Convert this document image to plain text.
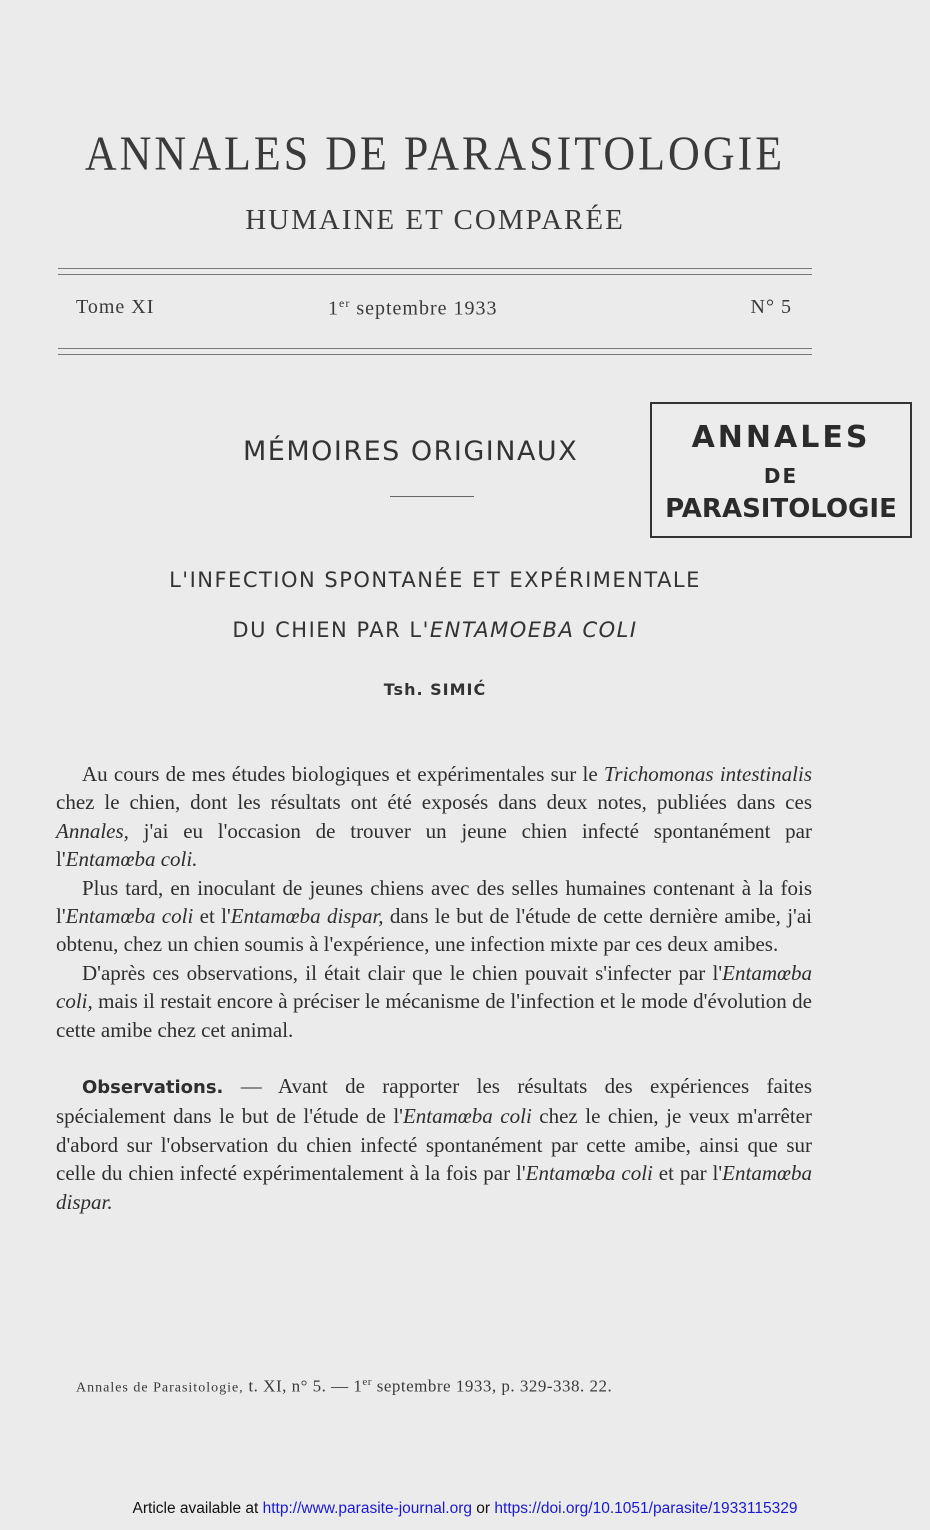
ANNALES DE PARASITOLOGIE
HUMAINE ET COMPARÉE
Tome XI	1er septembre 1933	N° 5
MÉMOIRES ORIGINAUX	ANNALES
DE
PARASITOLOGIE
L'INFECTION SPONTANÉE ET EXPÉRIMENTALE
DU CHIEN PAR L'ENTAMOEBA COLI
Tsh. SIMIĆ

Au cours de mes études biologiques et expérimentales sur le Trichomonas intestinalis chez le chien, dont les résultats ont été exposés dans deux notes, publiées dans ces Annales, j'ai eu l'occasion de trouver un jeune chien infecté spontanément par l'Entamœba coli.

Plus tard, en inoculant de jeunes chiens avec des selles humaines contenant à la fois l'Entamœba coli et l'Entamœba dispar, dans le but de l'étude de cette dernière amibe, j'ai obtenu, chez un chien soumis à l'expérience, une infection mixte par ces deux amibes.

D'après ces observations, il était clair que le chien pouvait s'infecter par l'Entamœba coli, mais il restait encore à préciser le mécanisme de l'infection et le mode d'évolution de cette amibe chez cet animal.

Observations. — Avant de rapporter les résultats des expériences faites spécialement dans le but de l'étude de l'Entamœba coli chez le chien, je veux m'arrêter d'abord sur l'observation du chien infecté spontanément par cette amibe, ainsi que sur celle du chien infecté expérimentalement à la fois par l'Entamœba coli et par l'Entamœba dispar.

Annales de Parasitologie, t. XI, n° 5. — 1er septembre 1933, p. 329-338. 22.
Article available at http://www.parasite-journal.org or https://doi.org/10.1051/parasite/1933115329
